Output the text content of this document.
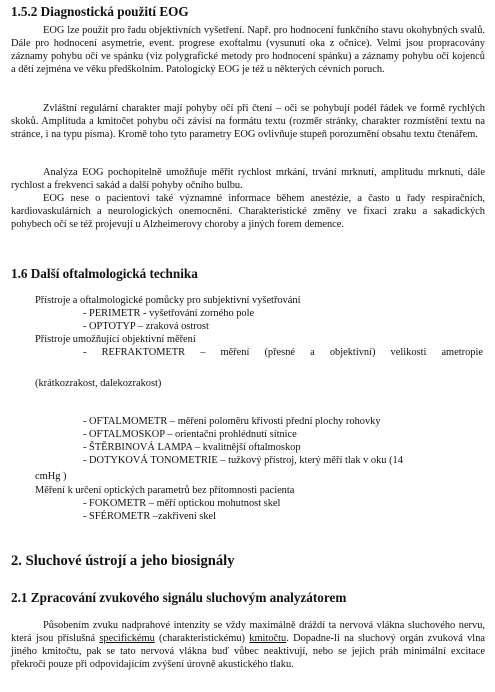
1.5.2 Diagnostická použití EOG

EOG lze použít pro řadu objektivních vyšetření. Např. pro hodnocení funkčního stavu okohybných svalů. Dále pro hodnocení asymetrie, event. progrese exoftalmu (vysunutí oka z očnice). Velmi jsou propracovány záznamy pohybu očí ve spánku (viz polygrafické metody pro hodnocení spánku) a záznamy pohybu očí kojenců a dětí zejména ve věku předškolním. Patologický EOG je též u některých cévních poruch.

Zvláštní regulární charakter mají pohyby očí při čtení – oči se pohybují podél řádek ve formě rychlých skoků. Amplituda a kmitočet pohybu očí závisí na formátu textu (rozměr stránky, charakter rozmístění textu na stránce, i na typu písma). Kromě toho tyto parametry EOG ovlivňuje stupeň porozumění obsahu textu čtenářem.

Analýza EOG pochopitelně umožňuje měřit rychlost mrkání, trvání mrknutí, amplitudu mrknutí, dále rychlost a frekvenci sakád a další pohyby očního bulbu.

EOG nese o pacientovi také významné informace během anestézie, a často u řady respiračních, kardiovaskulárních a neurologických onemocnění. Charakteristické změny ve fixaci zraku a sakadických pohybech očí se též projevují u Alzheimerovy choroby a jiných forem demence.

1.6 Další oftalmologická technika

Přístroje a oftalmologické pomůcky pro subjektivní vyšetřování

- PERIMETR - vyšetřování zorného pole

- OPTOTYP – zraková ostrost

Přístroje umožňující objektivní měření

- REFRAKTOMETR – měření (přesné a objektivní) velikosti ametropie

(krátkozrakost, dalekozrakost)

- OFTALMOMETR – měření poloměru křivosti přední plochy rohovky

- OFTALMOSKOP – orientační prohlédnutí sítnice

- ŠTĚRBINOVÁ LAMPA – kvalitnější oftalmoskop

- DOTYKOVÁ TONOMETRIE – tužkový přístroj, který měří tlak v oku (14

cmHg )

Měření k určení optických parametrů bez přítomnosti pacienta

- FOKOMETR – měří optickou mohutnost skel

- SFÉROMETR –zakřivení skel

2. Sluchové ústrojí a jeho biosignály
2.1 Zpracování zvukového signálu sluchovým analyzátorem

Působením zvuku nadprahové intenzity se vždy maximálně dráždí ta nervová vlákna sluchového nervu, která jsou příslušná specifickému (charakteristickému) kmitočtu. Dopadne-li na sluchový orgán zvuková vlna jiného kmitočtu, pak se tato nervová vlákna buď vůbec neaktivují, nebo se jejich práh minimální excitace překročí pouze při odpovídajícím zvýšení úrovně akustického tlaku.
